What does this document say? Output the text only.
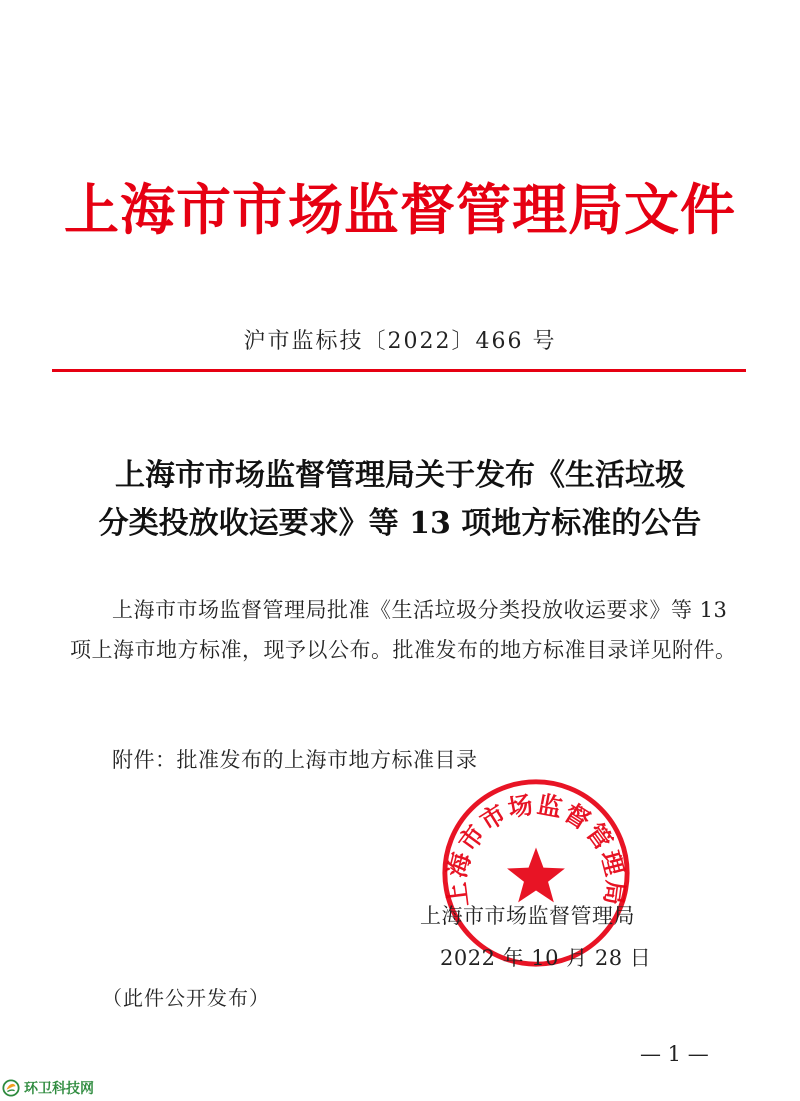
上海市市场监督管理局文件
沪市监标技〔2022〕466 号
上海市市场监督管理局关于发布《生活垃圾
分类投放收运要求》等 13 项地方标准的公告
上海市市场监督管理局批准《生活垃圾分类投放收运要求》等 13 项上海市地方标准，现予以公布。批准发布的地方标准目录详见附件。
附件：批准发布的上海市地方标准目录
上海市市场监督管理局
上海市市场监督管理局
2022 年 10 月 28 日
（此件公开发布）
— 1 —
环卫科技网
